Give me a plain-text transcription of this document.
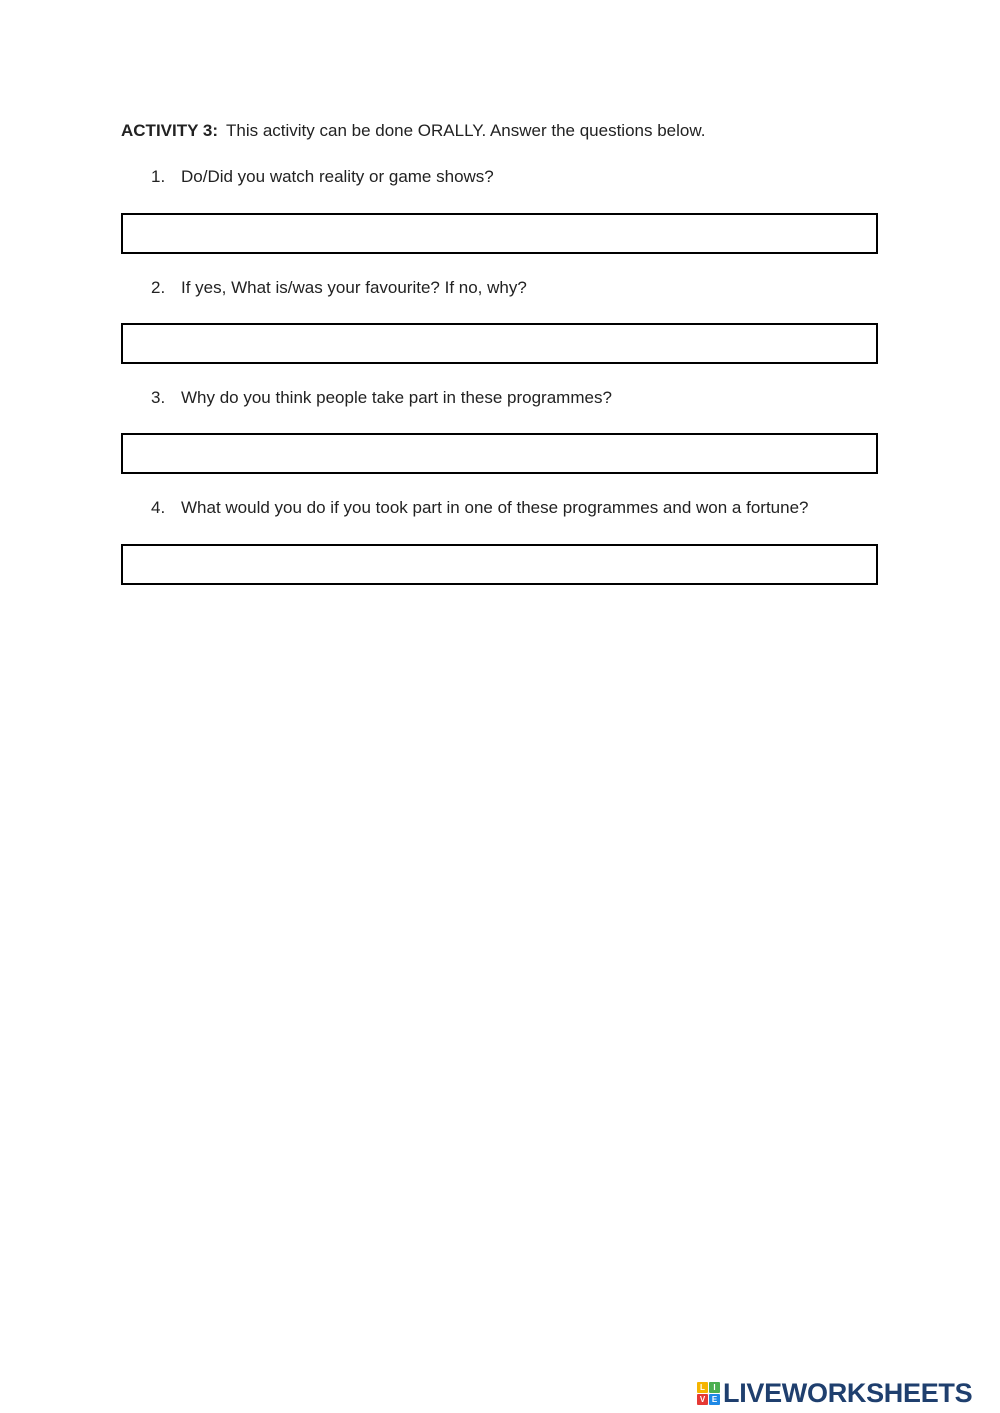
ACTIVITY 3: This activity can be done ORALLY. Answer the questions below.
1. Do/Did you watch reality or game shows?
2. If yes, What is/was your favourite? If no, why?
3. Why do you think people take part in these programmes?
4. What would you do if you took part in one of these programmes and won a fortune?
L	I
V E LIVEWORKSHEETS
